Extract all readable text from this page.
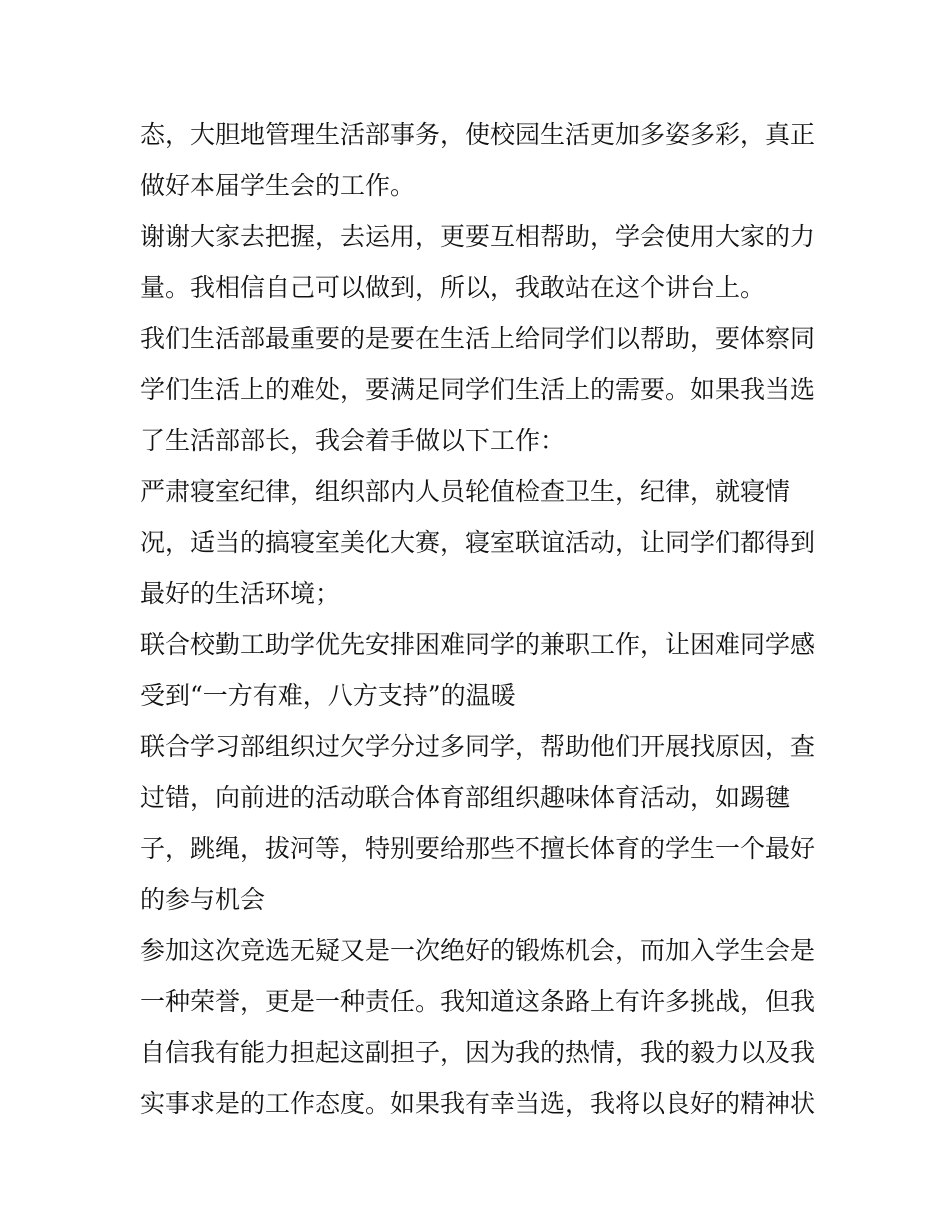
态，大胆地管理生活部事务，使校园生活更加多姿多彩，真正
做好本届学生会的工作。
谢谢大家去把握，去运用，更要互相帮助，学会使用大家的力
量。我相信自己可以做到，所以，我敢站在这个讲台上。
我们生活部最重要的是要在生活上给同学们以帮助，要体察同
学们生活上的难处，要满足同学们生活上的需要。如果我当选
了生活部部长，我会着手做以下工作：
严肃寝室纪律，组织部内人员轮值检查卫生，纪律，就寝情
况，适当的搞寝室美化大赛，寝室联谊活动，让同学们都得到
最好的生活环境；
联合校勤工助学优先安排困难同学的兼职工作，让困难同学感
受到“一方有难，八方支持”的温暖
联合学习部组织过欠学分过多同学，帮助他们开展找原因，查
过错，向前进的活动联合体育部组织趣味体育活动，如踢毽
子，跳绳，拔河等，特别要给那些不擅长体育的学生一个最好
的参与机会
参加这次竞选无疑又是一次绝好的锻炼机会，而加入学生会是
一种荣誉，更是一种责任。我知道这条路上有许多挑战，但我
自信我有能力担起这副担子，因为我的热情，我的毅力以及我
实事求是的工作态度。如果我有幸当选，我将以良好的精神状
